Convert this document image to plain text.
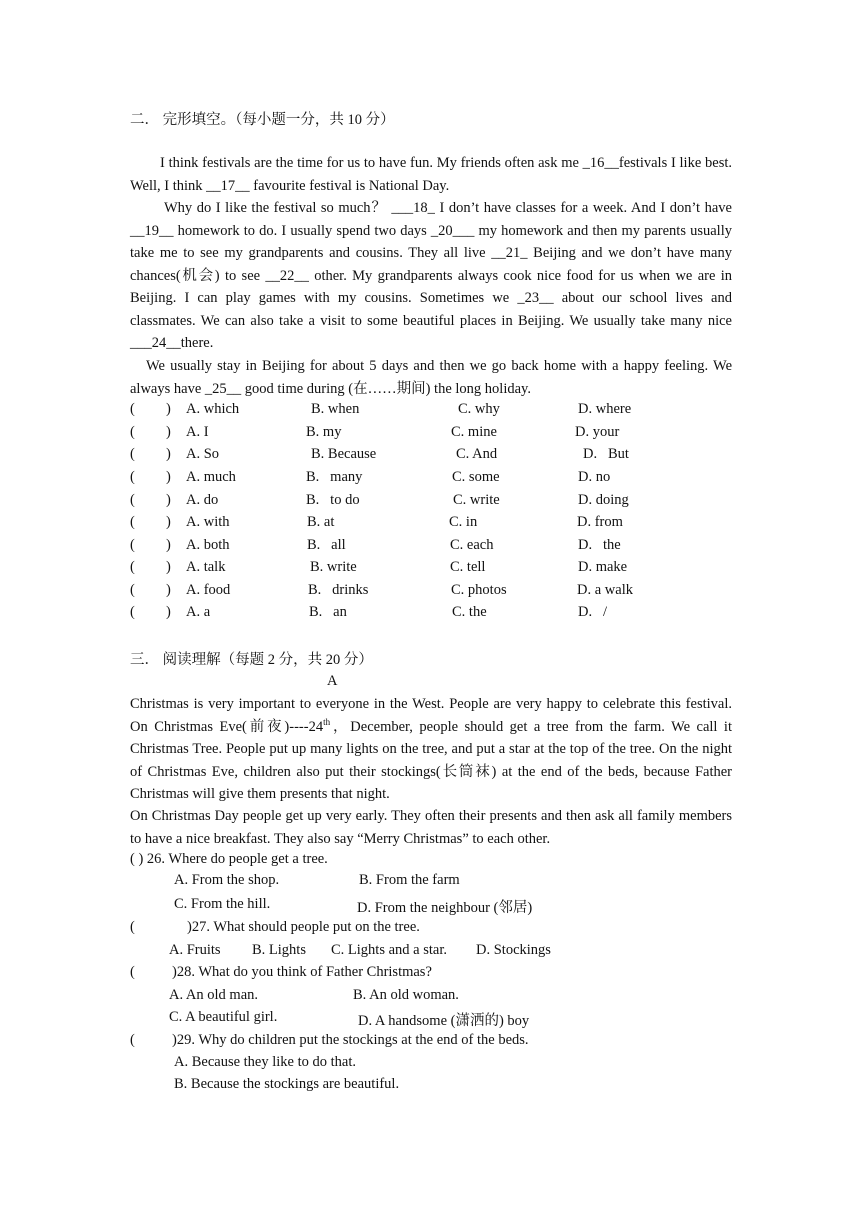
二． 完形填空。（每小题一分，共 10 分）

I think festivals are the time for us to have fun. My friends often ask me _16__festivals I like best. Well, I think __17__ favourite festival is National Day.

Why do I like the festival so much？ ___18_ I don’t have classes for a week. And I don’t have __19__ homework to do. I usually spend two days _20___ my homework and then my parents usually take me to see my grandparents and cousins. They all live __21_ Beijing and we don’t have many chances(机会) to see __22__ other. My grandparents always cook nice food for us when we are in Beijing. I can play games with my cousins. Sometimes we _23__ about our school lives and classmates. We can also take a visit to some beautiful places in Beijing. We usually take many nice ___24__there.

We usually stay in Beijing for about 5 days and then we go back home with a happy feeling. We always have _25__ good time during (在……期间) the long holiday.

( ) A. which	B. when	C. why	D. where
( ) A. I	B. my	C. mine	D. your
( ) A. So	B. Because	C. And	D.   But
( ) A. much	B.   many	C. some	D. no
( ) A. do	B.   to do	C. write	D. doing
( ) A. with	B. at	C. in	D. from
( ) A. both	B.   all	C. each	D.   the
( ) A. talk	B. write	C. tell	D. make
( ) A. food	B.   drinks	C. photos	D. a walk
( ) A. a	B.   an	C. the	D.   /
三． 阅读理解（每题 2 分，共 20 分）
A

Christmas is very important to everyone in the West. People are very happy to celebrate this festival. On Christmas Eve(前夜)----24th，December, people should get a tree from the farm. We call it Christmas Tree. People put up many lights on the tree, and put a star at the top of the tree. On the night of Christmas Eve, children also put their stockings(长筒袜) at the end of the beds, because Father Christmas will give them presents that night.

On Christmas Day people get up very early. They often their presents and then ask all family members to have a nice breakfast. They also say “Merry Christmas” to each other.

( ) 26. Where do people get a tree.
A. From the shop.	B. From the farm
C. From the hill.	D. From the neighbour (邻居)
(	)27. What should people put on the tree.
A. Fruits B. Lights C. Lights and a star. D. Stockings
(	)28. What do you think of Father Christmas?
A. An old man.	B. An old woman.
C. A beautiful girl.	D. A handsome (潇洒的) boy
(	)29. Why do children put the stockings at the end of the beds.
A. Because they like to do that.
B. Because the stockings are beautiful.
